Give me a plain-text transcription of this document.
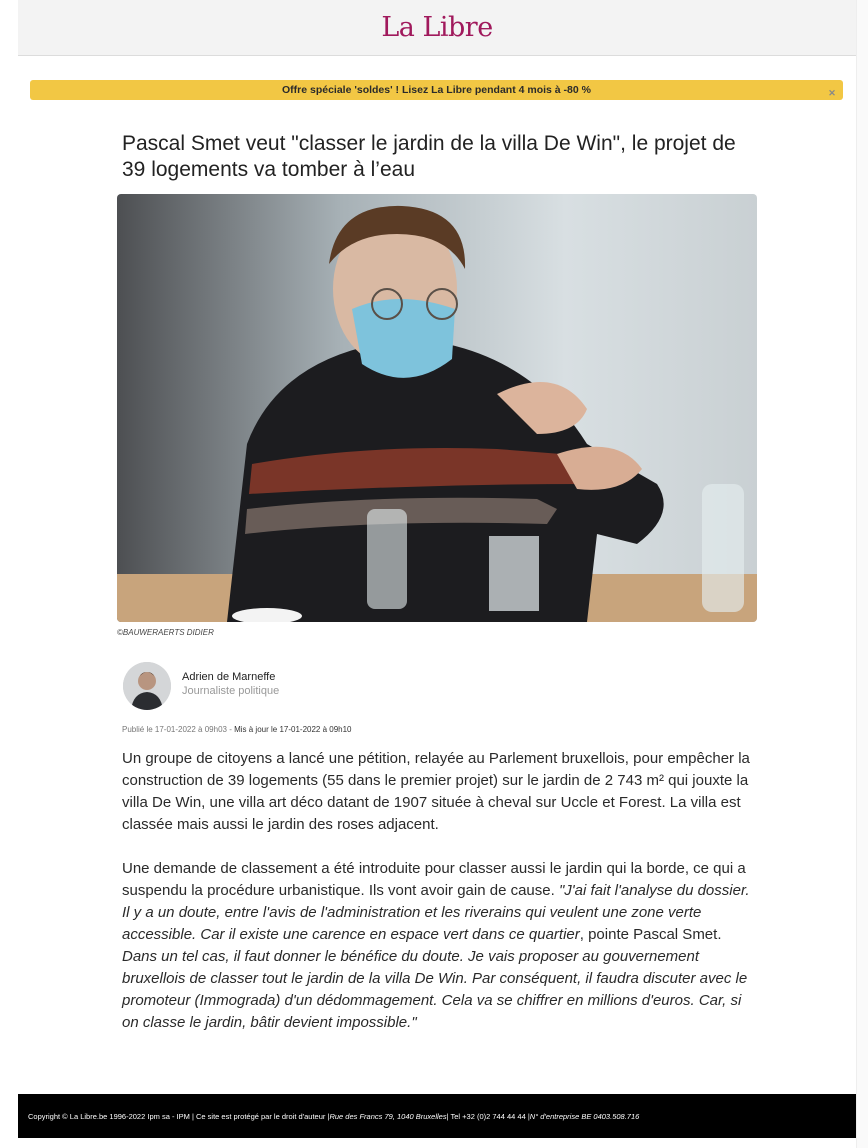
La Libre
Offre spéciale 'soldes' ! Lisez La Libre pendant 4 mois à -80 %	✕
Pascal Smet veut "classer le jardin de la villa De Win", le projet de 39 logements va tomber à l’eau
©BAUWERAERTS DIDIER
Adrien de Marneffe
Journaliste politique
Publié le 17-01-2022 à 09h03 - Mis à jour le 17-01-2022 à 09h10

Un groupe de citoyens a lancé une pétition, relayée au Parlement bruxellois, pour empêcher la construction de 39 logements (55 dans le premier projet) sur le jardin de 2 743 m² qui jouxte la villa De Win, une villa art déco datant de 1907 située à cheval sur Uccle et Forest. La villa est classée mais aussi le jardin des roses adjacent.

Une demande de classement a été introduite pour classer aussi le jardin qui la borde, ce qui a suspendu la procédure urbanistique. Ils vont avoir gain de cause. "J'ai fait l'analyse du dossier. Il y a un doute, entre l'avis de l'administration et les riverains qui veulent une zone verte accessible. Car il existe une carence en espace vert dans ce quartier, pointe Pascal Smet. Dans un tel cas, il faut donner le bénéfice du doute. Je vais proposer au gouvernement bruxellois de classer tout le jardin de la villa De Win. Par conséquent, il faudra discuter avec le promoteur (Immograda) d'un dédommagement. Cela va se chiffrer en millions d'euros. Car, si on classe le jardin, bâtir devient impossible."

Copyright © La Libre.be 1996-2022 Ipm sa - IPM | Ce site est protégé par le droit d'auteur | Rue des Francs 79, 1040 Bruxelles | Tel +32 (0)2 744 44 44 | N° d'entreprise BE 0403.508.716
